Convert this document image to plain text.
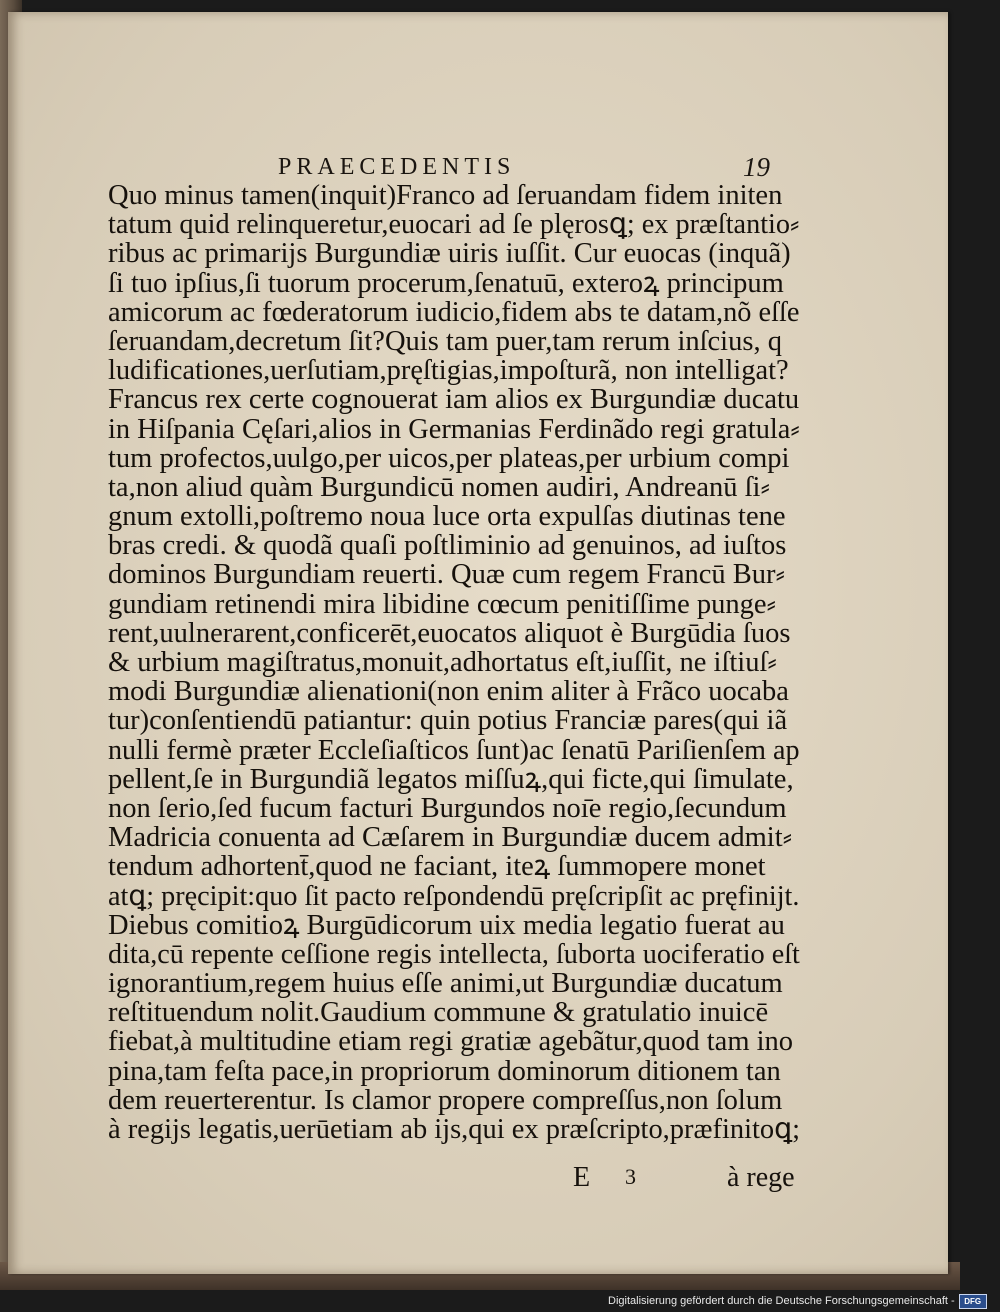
PRAECEDENTIS	19
Quo minus tamen(inquit)Franco ad ſeruandam fidem initen
tatum quid relinqueretur,euocari ad ſe plęrosꝗ; ex præſtantio⸗
ribus ac primarijs Burgundiæ uiris iuſſit. Cur euocas (inquã)
ſi tuo ipſius,ſi tuorum procerum,ſenatuū, exteroꝝ principum
amicorum ac fœderatorum iudicio,fidem abs te datam,nõ eſſe
ſeruandam,decretum ſit?Quis tam puer,tam rerum inſcius, q
ludificationes,uerſutiam,pręſtigias,impoſturã, non intelligat?
Francus rex certe cognouerat iam alios ex Burgundiæ ducatu
in Hiſpania Cęſari,alios in Germanias Ferdinãdo regi gratula⸗
tum profectos,uulgo,per uicos,per plateas,per urbium compi
ta,non aliud quàm Burgundicū nomen audiri, Andreanū ſi⸗
gnum extolli,poſtremo noua luce orta expulſas diutinas tene
bras credi. & quodã quaſi poſtliminio ad genuinos, ad iuſtos
dominos Burgundiam reuerti. Quæ cum regem Francū Bur⸗
gundiam retinendi mira libidine cœcum penitiſſime punge⸗
rent,uulnerarent,conficerēt,euocatos aliquot è Burgūdia ſuos
& urbium magiſtratus,monuit,adhortatus eſt,iuſſit, ne iſtiuſ⸗
modi Burgundiæ alienationi(non enim aliter à Frãco uocaba
tur)conſentiendū patiantur: quin potius Franciæ pares(qui iã
nulli fermè præter Eccleſiaſticos ſunt)ac ſenatū Pariſienſem ap
pellent,ſe in Burgundiã legatos miſſuꝝ,qui ficte,qui ſimulate,
non ſerio,ſed fucum facturi Burgundos noı̄e regio,ſecundum
Madricia conuenta ad Cæſarem in Burgundiæ ducem admit⸗
tendum adhortent̄,quod ne faciant, iteꝝ ſummopere monet
atꝗ; pręcipit:quo ſit pacto reſpondendū pręſcripſit ac pręfinijt.
Diebus comitioꝝ Burgūdicorum uix media legatio fuerat au
dita,cū repente ceſſione regis intellecta, ſuborta uociferatio eſt
ignorantium,regem huius eſſe animi,ut Burgundiæ ducatum
reſtituendum nolit.Gaudium commune & gratulatio inuicē
fiebat,à multitudine etiam regi gratiæ agebãtur,quod tam ino
pina,tam feſta pace,in propriorum dominorum ditionem tan
dem reuerterentur. Is clamor propere compreſſus,non ſolum
à regijs legatis,uerūetiam ab ijs,qui ex præſcripto,præfinitoꝗ;
E 3	à rege
Digitalisierung gefördert durch die Deutsche Forschungsgemeinschaft -	DFG
